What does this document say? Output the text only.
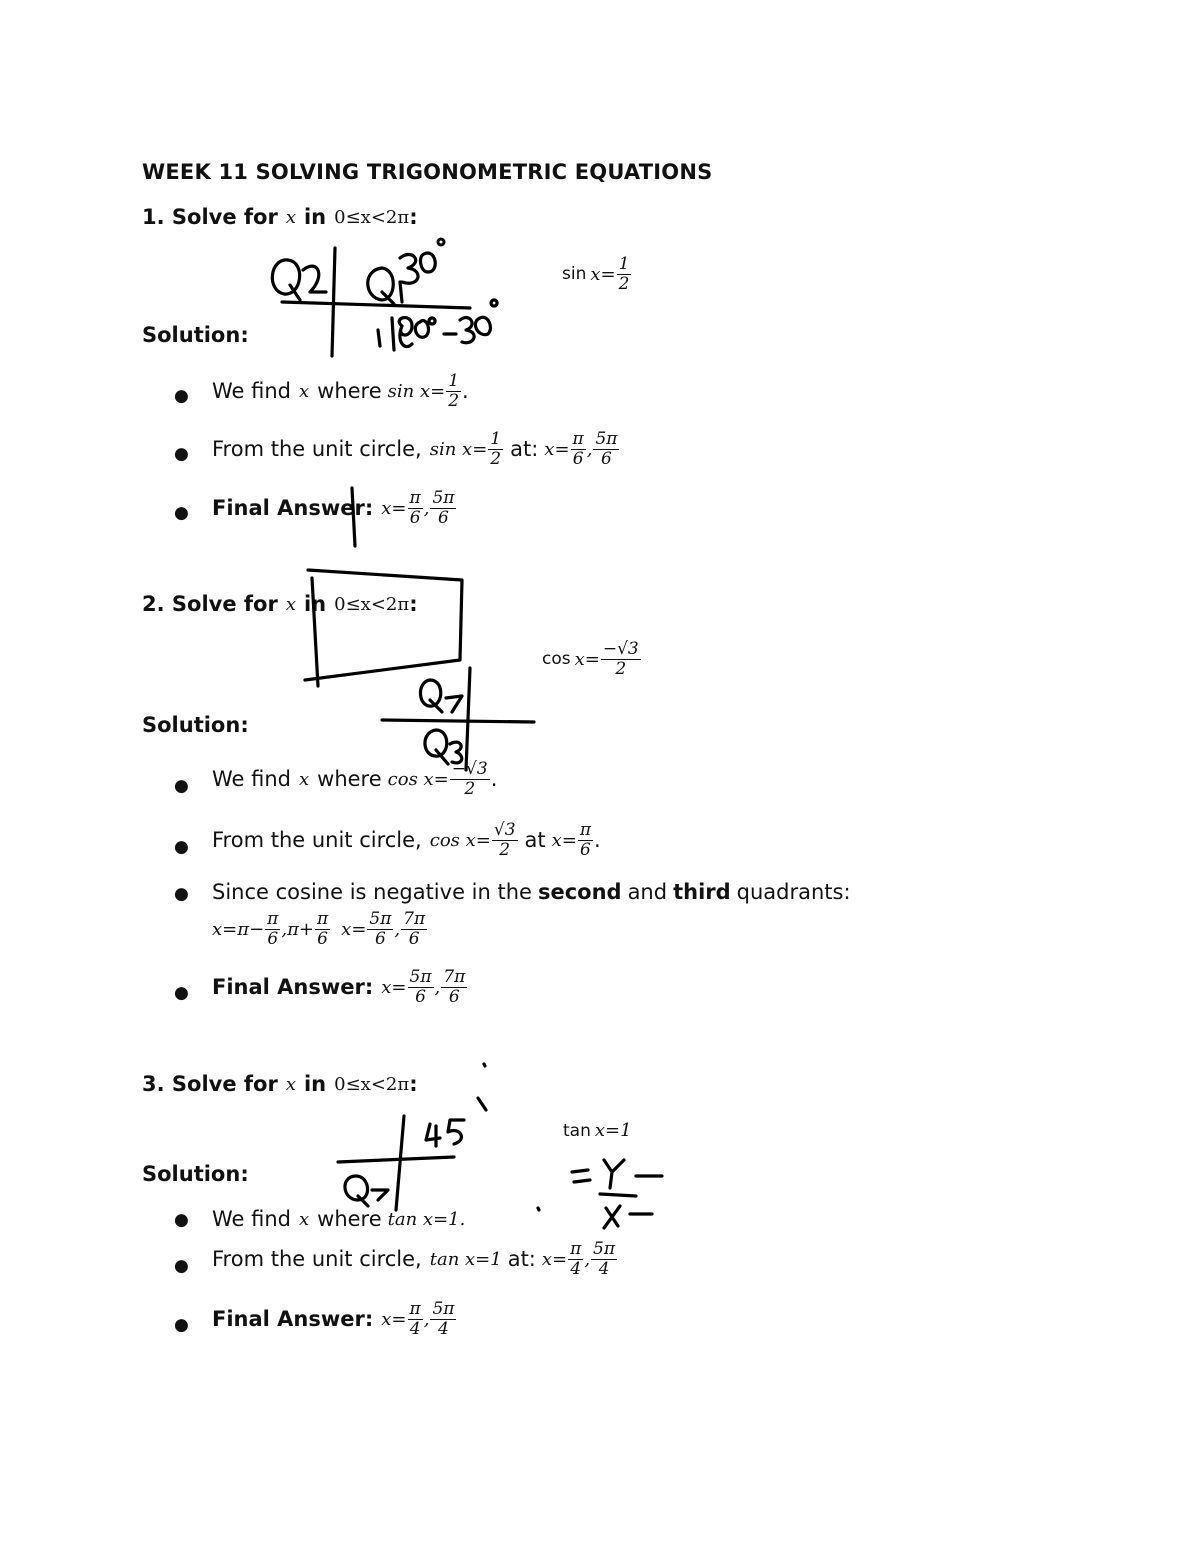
WEEK 11 SOLVING TRIGONOMETRIC EQUATIONS
1. Solve for x in 0≤x<2π :
$\sin x= \frac{1}{2}$
Solution:
● We find x where $\sin x= \frac{1}{2}$ .
● From the unit circle, $\sin x= \frac{1}{2}$ at: $x= \frac{\pi}{6}$ , $\frac{5\pi}{6}$
● Final Answer: $x= \frac{\pi}{6}$ , $\frac{5\pi}{6}$
2. Solve for x in 0≤x<2π :
$\cos x= \frac{-√3}{2}$
Solution:
● We find x where $\cos x= \frac{-√3}{2}$ .
● From the unit circle, $\cos x= \frac{√3}{2}$ at $x= \frac{\pi}{6}$ .
● Since cosine is negative in the second and third quadrants:
$x=\pi- \frac{\pi}{6} ,\pi+ \frac{\pi}{6} x= \frac{5\pi}{6}$ , $\frac{7\pi}{6}$
● Final Answer: $x= \frac{5\pi}{6}$ , $\frac{7\pi}{6}$
3. Solve for x in 0≤x<2π :
tan x=1
Solution:
● We find x where tan x=1.
● From the unit circle, tan x=1 at: $x= \frac{\pi}{4}$ , $\frac{5\pi}{4}$
● Final Answer: $x= \frac{\pi}{4}$ , $\frac{5\pi}{4}$
